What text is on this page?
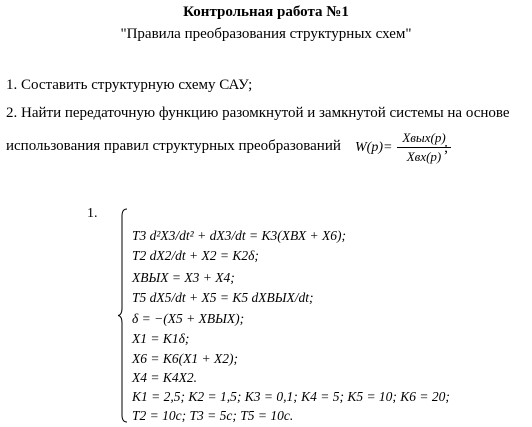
Контрольная работа №1
"Правила преобразования структурных схем"
1. Составить структурную схему САУ;
2. Найти передаточную функцию разомкнутой и замкнутой системы на основе
использования правил структурных преобразований W(p)=
Xвых(p)
Xвх(p)
;
1.
T3 d²X3/dt² + dX3/dt = K3(XВХ + X6);
T2 dX2/dt + X2 = K2δ;
XВЫХ = X3 + X4;
T5 dX5/dt + X5 = K5 dXВЫХ/dt;
δ = −(X5 + XВЫХ);
X1 = K1δ;
X6 = K6(X1 + X2);
X4 = K4X2.
K1 = 2,5; K2 = 1,5; K3 = 0,1; K4 = 5; K5 = 10; K6 = 20;
T2 = 10c; T3 = 5c; T5 = 10c.
